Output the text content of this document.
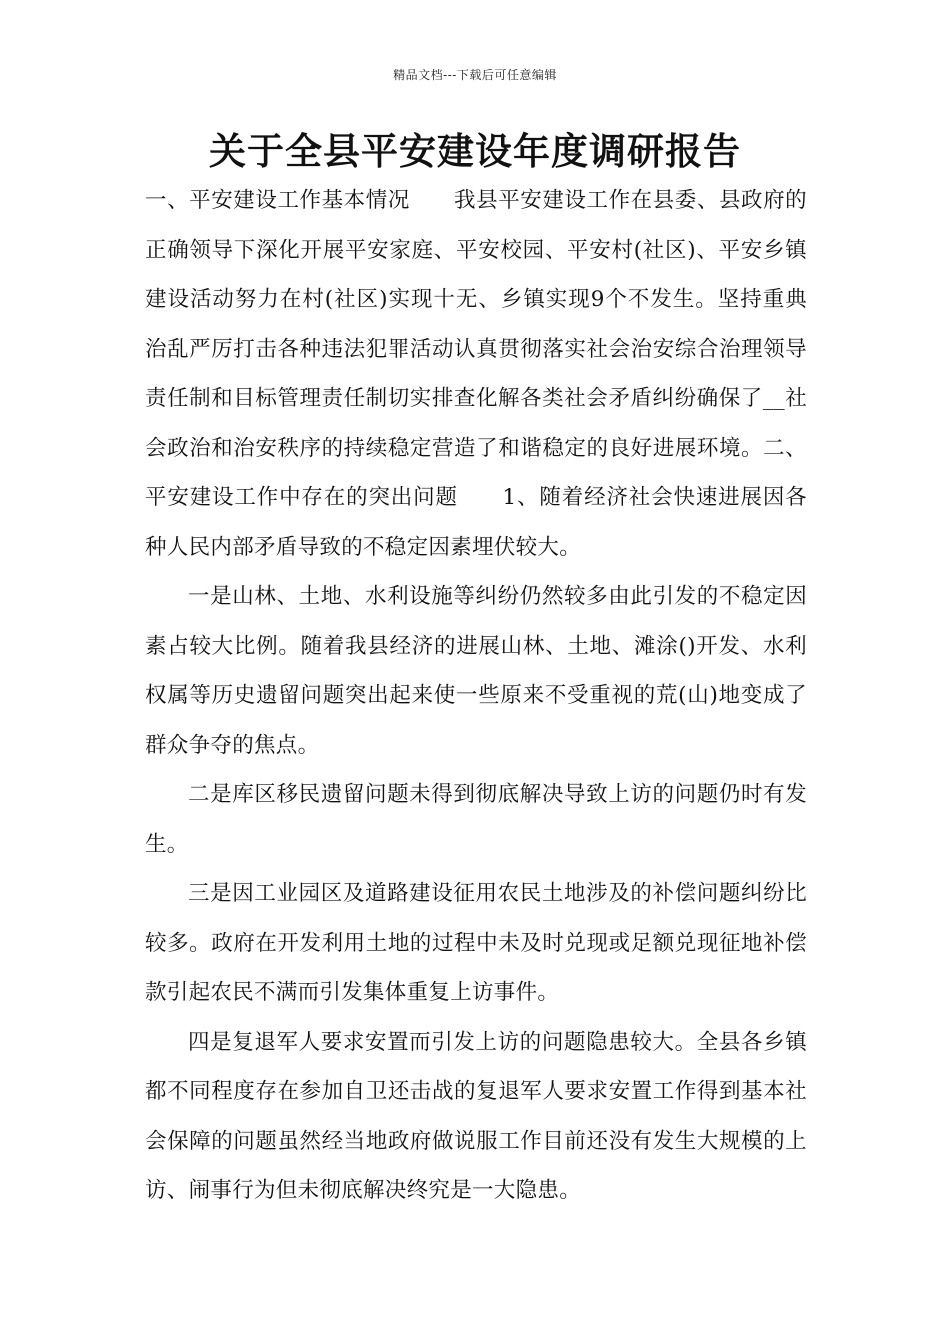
精品文档---下载后可任意编辑
关于全县平安建设年度调研报告

一、平安建设工作基本情况　　我县平安建设工作在县委、县政府的正确领导下深化开展平安家庭、平安校园、平安村(社区)、平安乡镇建设活动努力在村(社区)实现十无、乡镇实现9个不发生。坚持重典治乱严厉打击各种违法犯罪活动认真贯彻落实社会治安综合治理领导责任制和目标管理责任制切实排查化解各类社会矛盾纠纷确保了__社会政治和治安秩序的持续稳定营造了和谐稳定的良好进展环境。二、平安建设工作中存在的突出问题　　1、随着经济社会快速进展因各种人民内部矛盾导致的不稳定因素埋伏较大。

一是山林、土地、水利设施等纠纷仍然较多由此引发的不稳定因素占较大比例。随着我县经济的进展山林、土地、滩涂()开发、水利权属等历史遗留问题突出起来使一些原来不受重视的荒(山)地变成了群众争夺的焦点。

二是库区移民遗留问题未得到彻底解决导致上访的问题仍时有发生。

三是因工业园区及道路建设征用农民土地涉及的补偿问题纠纷比较多。政府在开发利用土地的过程中未及时兑现或足额兑现征地补偿款引起农民不满而引发集体重复上访事件。

四是复退军人要求安置而引发上访的问题隐患较大。全县各乡镇都不同程度存在参加自卫还击战的复退军人要求安置工作得到基本社会保障的问题虽然经当地政府做说服工作目前还没有发生大规模的上访、闹事行为但未彻底解决终究是一大隐患。
